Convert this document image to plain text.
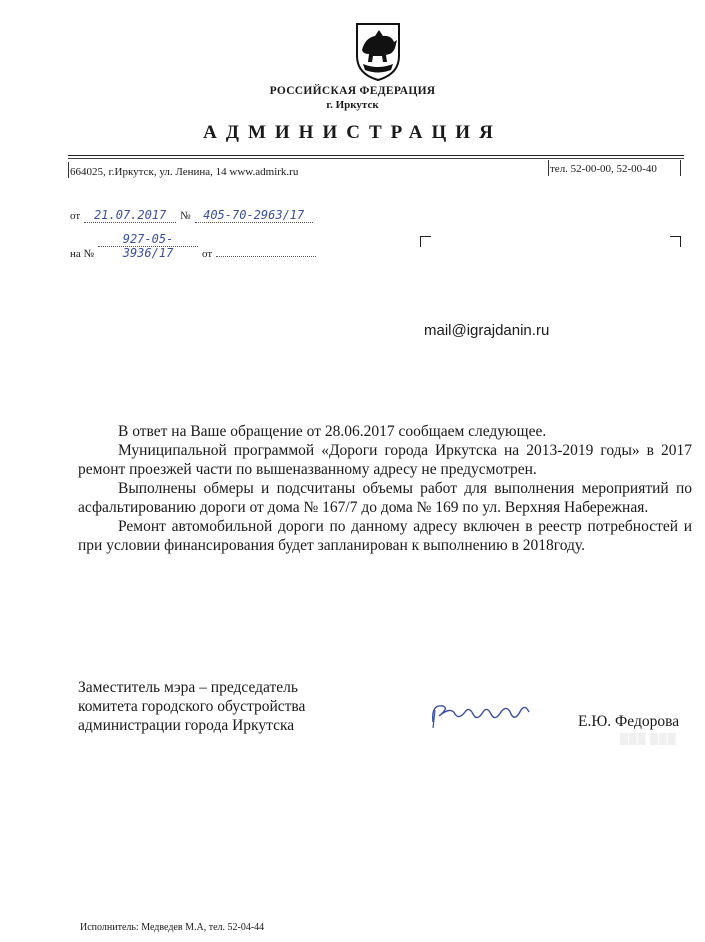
РОССИЙСКАЯ ФЕДЕРАЦИЯ
г. Иркутск
АДМИНИСТРАЦИЯ
664025, г.Иркутск, ул. Ленина, 14 www.admirk.ru	тел. 52-00-00, 52-00-40
от 21.07.2017 № 405-70-2963/17
на № 927-05-3936/17	от
mail@igrajdanin.ru

В ответ на Ваше обращение от 28.06.2017 сообщаем следующее.

Муниципальной программой «Дороги города Иркутска на 2013-2019 годы» в 2017 ремонт проезжей части по вышеназванному адресу не предусмотрен.

Выполнены обмеры и подсчитаны объемы работ для выполнения мероприятий по асфальтированию дороги от дома № 167/7 до дома № 169 по ул. Верхняя Набережная.

Ремонт автомобильной дороги по данному адресу включен в реестр потребностей и при условии финансирования будет запланирован к выполнению в 2018году.

Заместитель мэра – председатель
комитета городского обустройства
администрации города Иркутска	Е.Ю. Федорова
▒▒▒ ▒▒▒
Исполнитель: Медведев М.А, тел. 52-04-44
